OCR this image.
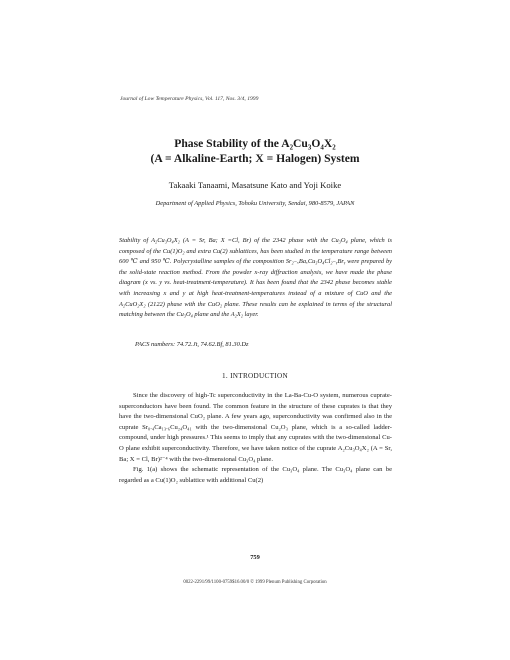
Journal of Low Temperature Physics, Vol. 117, Nos. 3/4, 1999
Phase Stability of the A₂Cu₃O₄X₂
(A = Alkaline-Earth; X = Halogen) System
Takaaki Tanaami, Masatsune Kato and Yoji Koike
Department of Applied Physics, Tohoku University, Sendai, 980-8579, JAPAN

Stability of A₂Cu₃O₄X₂ (A = Sr, Ba; X =Cl, Br) of the 2342 phase with the Cu₃O₄ plane, which is composed of the Cu(1)O₂ and extra Cu(2) sublattices, has been studied in the temperature range between 600 ℃ and 950 ℃. Polycrystalline samples of the composition Sr₂₋ₓBaₓCu₃O₄Cl₂₋ᵧBrᵧ were prepared by the solid-state reaction method. From the powder x-ray diffraction analysis, we have made the phase diagram (x vs. y vs. heat-treatment-temperature). It has been found that the 2342 phase becomes stable with increasing x and y at high heat-treatment-temperatures instead of a mixture of CuO and the A₂CuO₂X₂ (2122) phase with the CuO₂ plane. These results can be explained in terms of the structural matching between the Cu₃O₄ plane and the A₂X₂ layer.

PACS numbers: 74.72.Jt, 74.62.Bf, 81.30.Dz
1. INTRODUCTION

Since the discovery of high-Tc superconductivity in the La-Ba-Cu-O system, numerous cuprate-superconductors have been found. The common feature in the structure of these cuprates is that they have the two-dimensional CuO₂ plane. A few years ago, superconductivity was confirmed also in the cuprate Sr₀.₄Ca₁₃.₆Cu₂₄O₄₁ with the two-dimensional Cu₂O₃ plane, which is a so-called ladder-compound, under high pressures.¹ This seems to imply that any cuprates with the two-dimensional Cu-O plane exhibit superconductivity. Therefore, we have taken notice of the cuprate A₂Cu₃O₄X₂ (A = Sr, Ba; X = Cl, Br)²⁻⁴ with the two-dimensional Cu₃O₄ plane.

Fig. 1(a) shows the schematic representation of the Cu₃O₄ plane. The Cu₃O₄ plane can be regarded as a Cu(1)O₂ sublattice with additional Cu(2)

759
0022-2291/99/1100-0759$16.00/0 © 1999 Plenum Publishing Corporation
